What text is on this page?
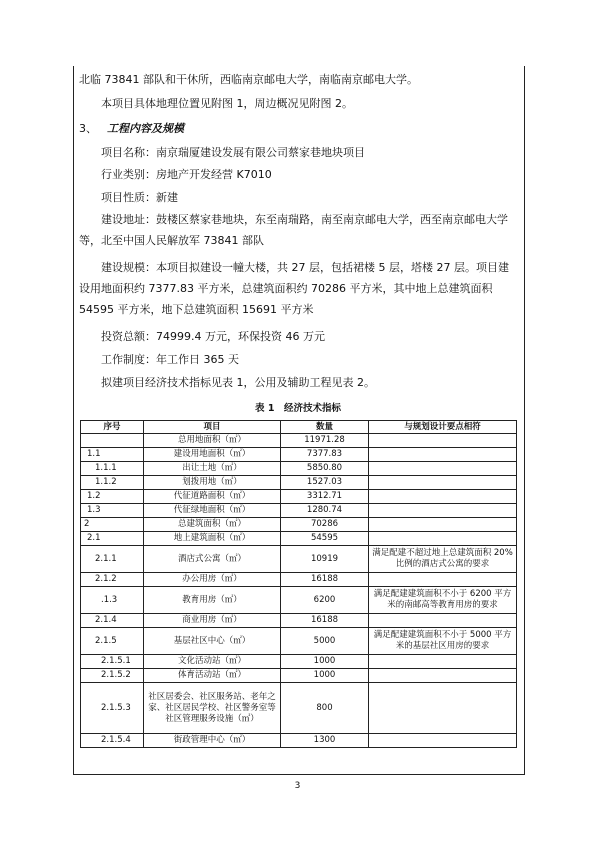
北临 73841 部队和干休所，西临南京邮电大学，南临南京邮电大学。

本项目具体地理位置见附图 1，周边概况见附图 2。

3、 工程内容及规模

项目名称：南京瑞厦建设发展有限公司蔡家巷地块项目

行业类别：房地产开发经营 K7010

项目性质：新建

建设地址：鼓楼区蔡家巷地块，东至南瑞路，南至南京邮电大学，西至南京邮电大学等，北至中国人民解放军 73841 部队

建设规模：本项目拟建设一幢大楼，共 27 层，包括裙楼 5 层，塔楼 27 层。项目建设用地面积约 7377.83 平方米，总建筑面积约 70286 平方米，其中地上总建筑面积 54595 平方米，地下总建筑面积 15691 平方米

投资总额：74999.4 万元，环保投资 46 万元

工作制度：年工作日 365 天

拟建项目经济技术指标见表 1，公用及辅助工程见表 2。

表 1　经济技术指标
序号	项目	数量	与规划设计要点相符
	总用地面积（㎡）	11971.28	
1.1	建设用地面积（㎡）	7377.83	
1.1.1	出让土地（㎡）	5850.80	
1.1.2	划拨用地（㎡）	1527.03	
1.2	代征道路面积（㎡）	3312.71	
1.3	代征绿地面积（㎡）	1280.74	
2	总建筑面积（㎡）	70286	
2.1	地上建筑面积（㎡）	54595	
2.1.1	酒店式公寓（㎡）	10919	满足配建不超过地上总建筑面积 20% 比例的酒店式公寓的要求
2.1.2	办公用房（㎡）	16188	
.1.3	教育用房（㎡）	6200	满足配建建筑面积不小于 6200 平方米的南邮高等教育用房的要求
2.1.4	商业用房（㎡）	16188	
2.1.5	基层社区中心（㎡）	5000	满足配建建筑面积不小于 5000 平方米的基层社区用房的要求
2.1.5.1	文化活动站（㎡）	1000	
2.1.5.2	体育活动站（㎡）	1000	
2.1.5.3	社区居委会、社区服务站、老年之家、社区居民学校、社区警务室等社区管理服务设施（㎡）	800	
2.1.5.4	街政管理中心（㎡）	1300	
3
